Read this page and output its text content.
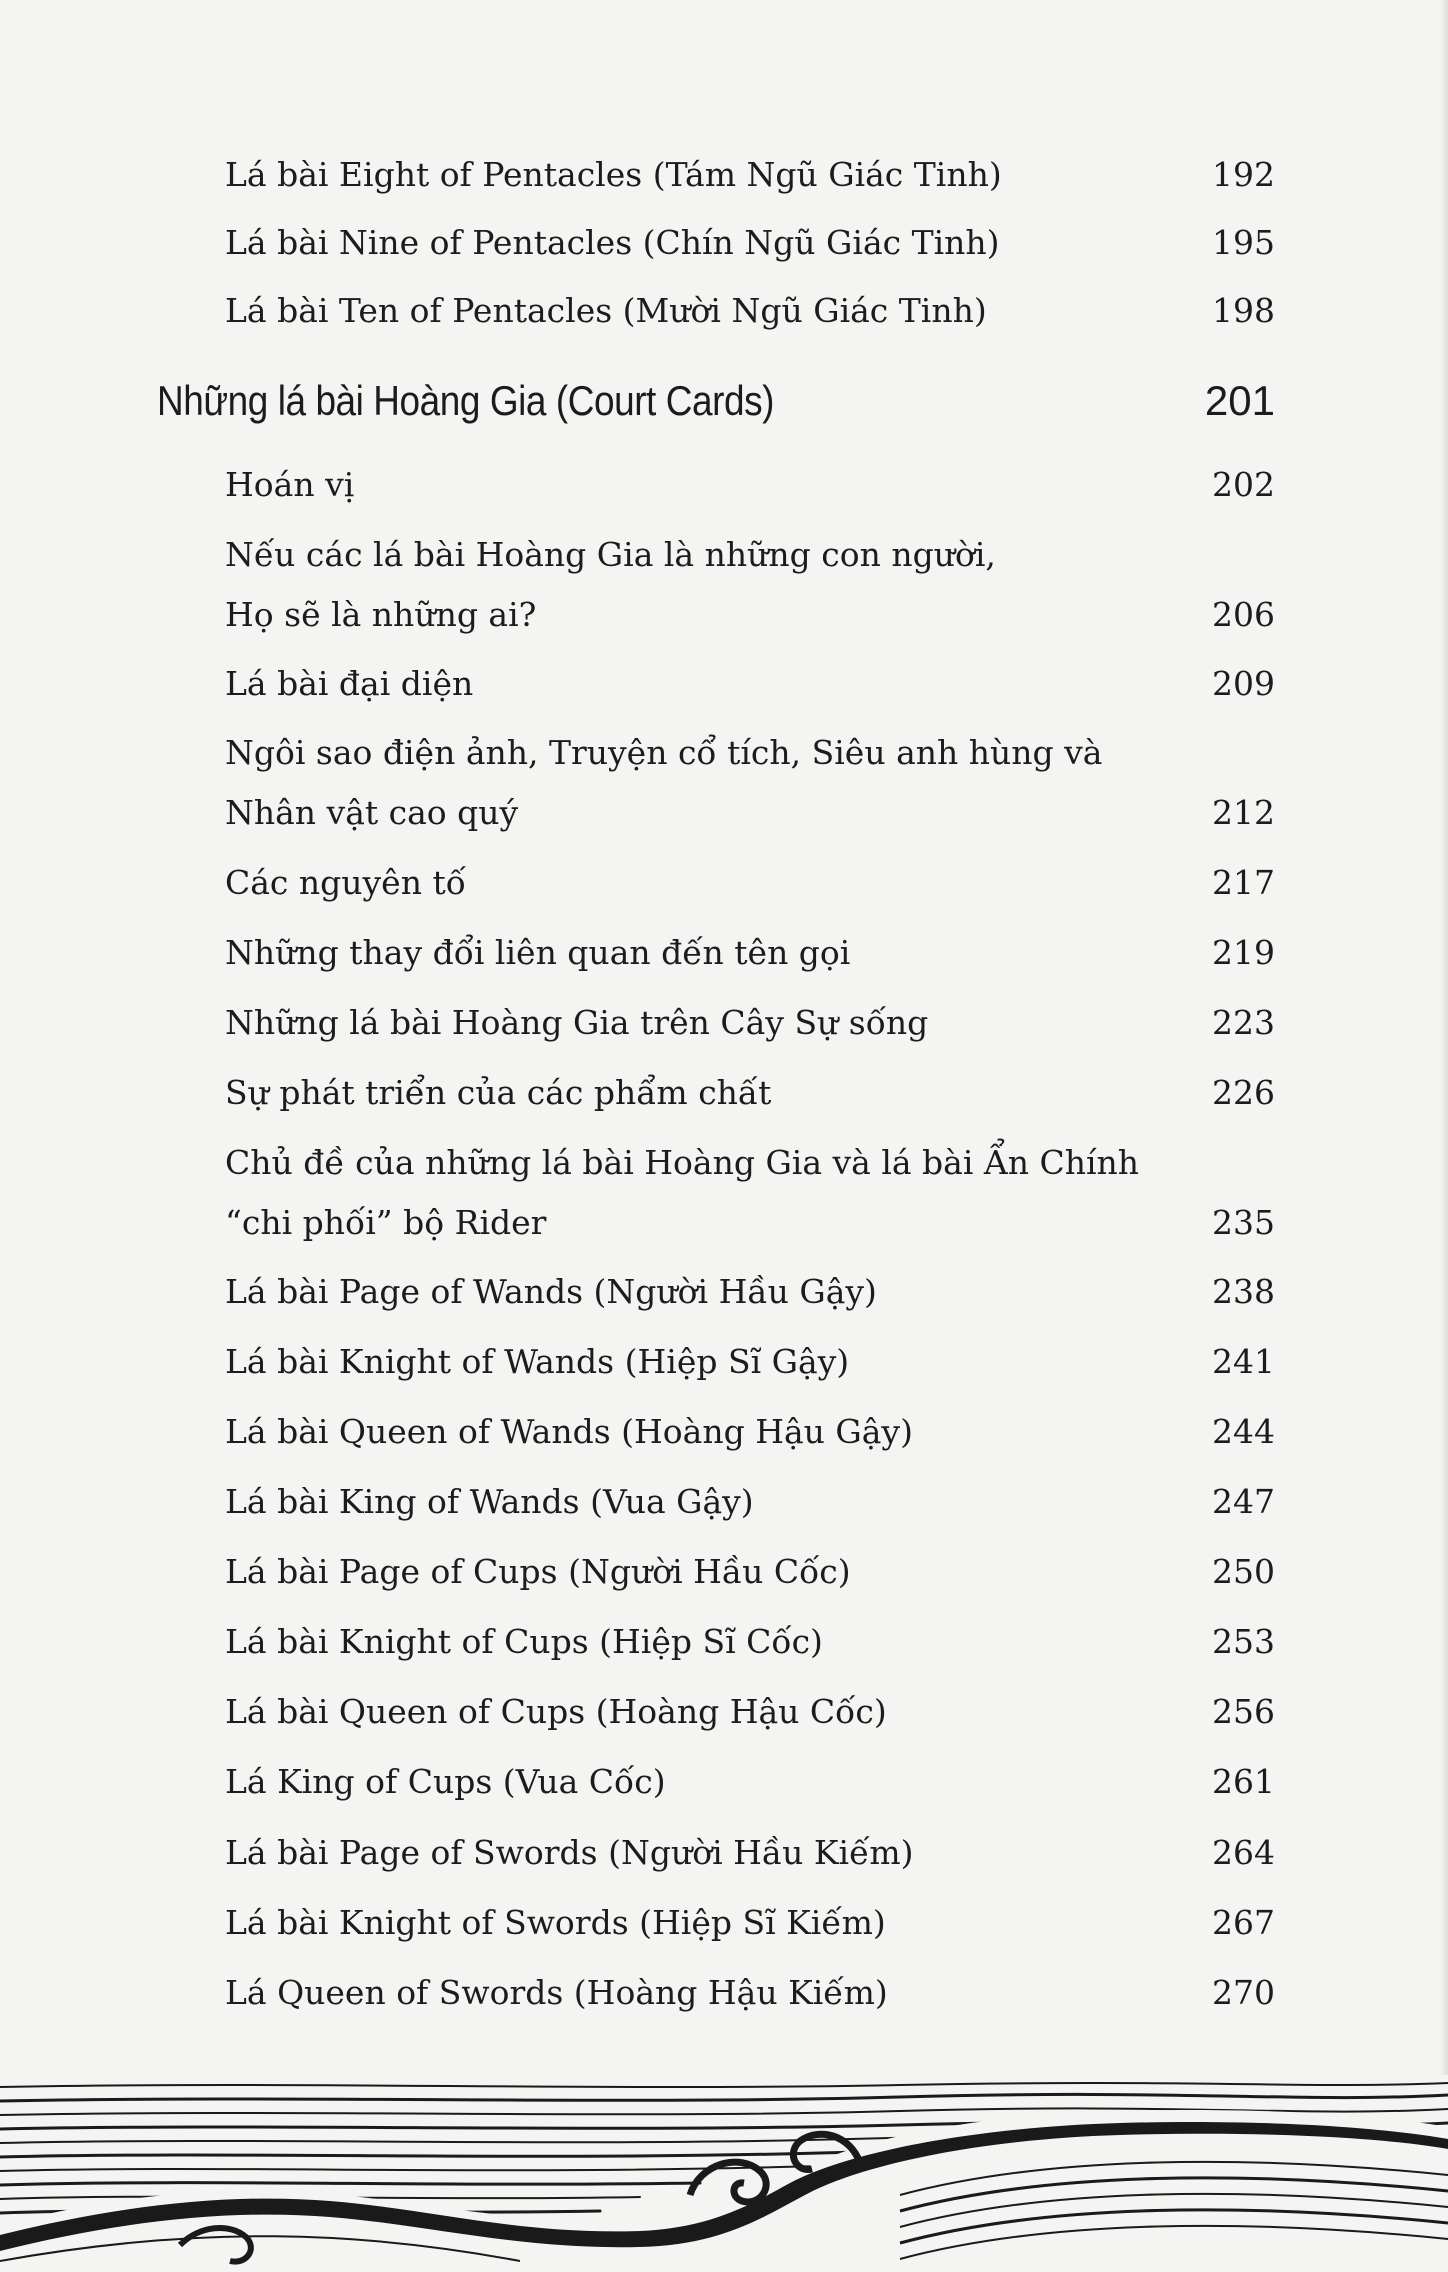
Lá bài Eight of Pentacles (Tám Ngũ Giác Tinh)	192
Lá bài Nine of Pentacles (Chín Ngũ Giác Tinh)	195
Lá bài Ten of Pentacles (Mười Ngũ Giác Tinh)	198
Những lá bài Hoàng Gia (Court Cards)	201
Hoán vị	202
Nếu các lá bài Hoàng Gia là những con người,
Họ sẽ là những ai?	206
Lá bài đại diện	209
Ngôi sao điện ảnh, Truyện cổ tích, Siêu anh hùng và
Nhân vật cao quý	212
Các nguyên tố	217
Những thay đổi liên quan đến tên gọi	219
Những lá bài Hoàng Gia trên Cây Sự sống	223
Sự phát triển của các phẩm chất	226
Chủ đề của những lá bài Hoàng Gia và lá bài Ẩn Chính
“chi phối” bộ Rider	235
Lá bài Page of Wands (Người Hầu Gậy)	238
Lá bài Knight of Wands (Hiệp Sĩ Gậy)	241
Lá bài Queen of Wands (Hoàng Hậu Gậy)	244
Lá bài King of Wands (Vua Gậy)	247
Lá bài Page of Cups (Người Hầu Cốc)	250
Lá bài Knight of Cups (Hiệp Sĩ Cốc)	253
Lá bài Queen of Cups (Hoàng Hậu Cốc)	256
Lá King of Cups (Vua Cốc)	261
Lá bài Page of Swords (Người Hầu Kiếm)	264
Lá bài Knight of Swords (Hiệp Sĩ Kiếm)	267
Lá Queen of Swords (Hoàng Hậu Kiếm)	270
